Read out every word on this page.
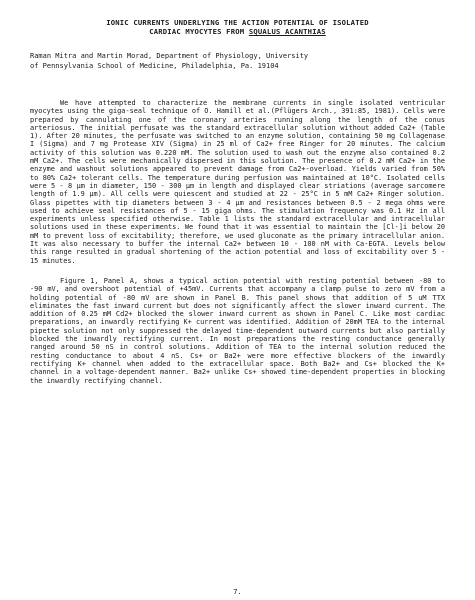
IONIC CURRENTS UNDERLYING THE ACTION POTENTIAL OF ISOLATED
CARDIAC MYOCYTES FROM SQUALUS ACANTHIAS
Raman Mitra and Martin Morad, Department of Physiology, University
of Pennsylvania School of Medicine, Philadelphia, Pa. 19104

We have attempted to characterize the membrane currents in single isolated ventricular myocytes using the giga-seal technique of O. Hamill et al.(Pflügers Arch., 391:85, 1981). Cells were prepared by cannulating one of the coronary arteries running along the length of the conus arteriosus. The initial perfusate was the standard extracellular solution without added Ca2+ (Table 1). After 20 minutes, the perfusate was switched to an enzyme solution, containing 50 mg Collagenase I (Sigma) and 7 mg Protease XIV (Sigma) in 25 ml of Ca2+ free Ringer for 20 minutes. The calcium activity of this solution was 0.220 mM. The solution used to wash out the enzyme also contained 0.2 mM Ca2+. The cells were mechanically dispersed in this solution. The presence of 0.2 mM Ca2+ in the enzyme and washout solutions appeared to prevent damage from Ca2+-overload. Yields varied from 50% to 80% Ca2+ tolerant cells. The temperature during perfusion was maintained at 10°C. Isolated cells were 5 - 8 µm in diameter, 150 - 300 µm in length and displayed clear striations (average sarcomere length of 1.9 µm). All cells were quiescent and studied at 22 - 25°C in 5 mM Ca2+ Ringer solution. Glass pipettes with tip diameters between 3 - 4 µm and resistances between 0.5 - 2 mega ohms were used to achieve seal resistances of 5 - 15 giga ohms. The stimulation frequency was 0.1 Hz in all experiments unless specified otherwise. Table 1 lists the standard extracellular and intracellular solutions used in these experiments. We found that it was essential to maintain the [Cl-]i below 20 mM to prevent loss of excitability; therefore, we used gluconate as the primary intracellular anion. It was also necessary to buffer the internal Ca2+ between 10 - 100 nM with Ca-EGTA. Levels below this range resulted in gradual shortening of the action potential and loss of excitability over 5 - 15 minutes.

Figure 1, Panel A, shows a typical action potential with resting potential between -80 to -90 mV, and overshoot potential of +45mV. Currents that accompany a clamp pulse to zero mV from a holding potential of -80 mV are shown in Panel B. This panel shows that addition of 5 uM TTX eliminates the fast inward current but does not significantly affect the slower inward current. The addition of 0.25 mM Cd2+ blocked the slower inward current as shown in Panel C. Like most cardiac preparations, an inwardly rectifying K+ current was identified. Addition of 20mM TEA to the internal pipette solution not only suppressed the delayed time-dependent outward currents but also partially blocked the inwardly rectifying current. In most preparations the resting conductance generally ranged around 50 nS in control solutions. Addition of TEA to the internal solution reduced the resting conductance to about 4 nS. Cs+ or Ba2+ were more effective blockers of the inwardly rectifying K+ channel when added to the extracellular space. Both Ba2+ and Cs+ blocked the K+ channel in a voltage-dependent manner. Ba2+ unlike Cs+ showed time-dependent properties in blocking the inwardly rectifying channel.

7.
